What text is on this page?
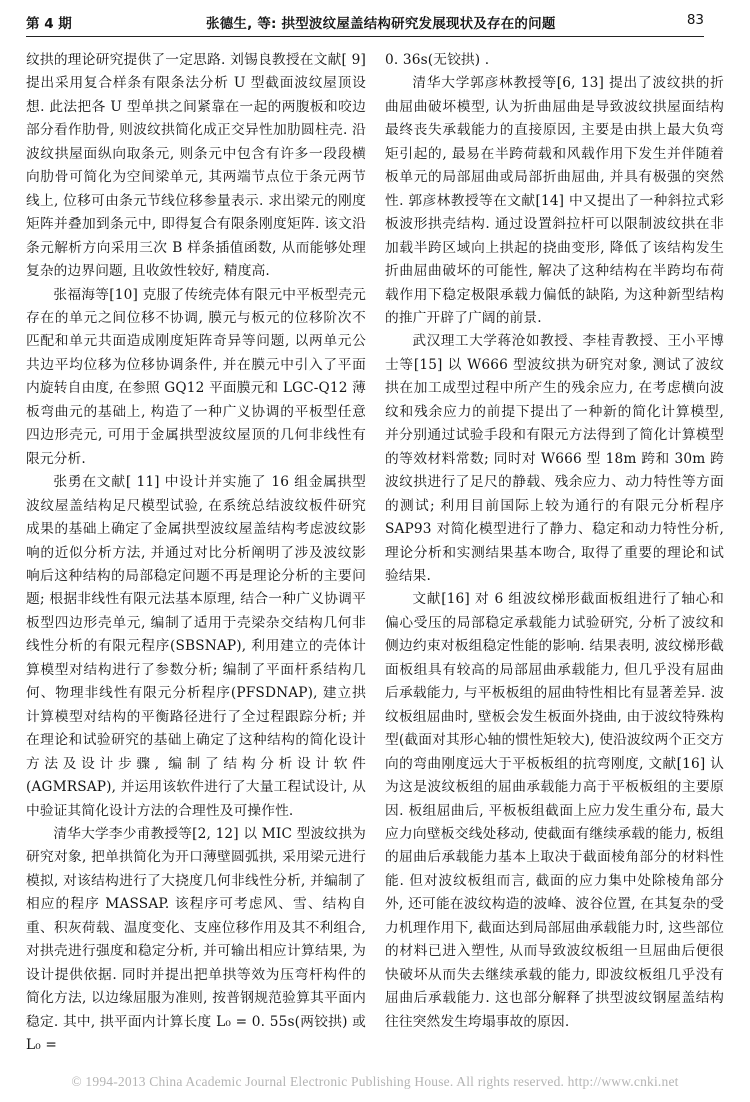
第 4 期	张德生, 等: 拱型波纹屋盖结构研究发展现状及存在的问题	83

纹拱的理论研究提供了一定思路. 刘锡良教授在文献[ 9] 提出采用复合样条有限条法分析 U 型截面波纹屋顶设想. 此法把各 U 型单拱之间紧靠在一起的两腹板和咬边部分看作肋骨, 则波纹拱简化成正交异性加肋圆柱壳. 沿波纹拱屋面纵向取条元, 则条元中包含有许多一段段横向肋骨可简化为空间梁单元, 其两端节点位于条元两节线上, 位移可由条元节线位移参量表示. 求出梁元的刚度矩阵并叠加到条元中, 即得复合有限条刚度矩阵. 该文沿条元解析方向采用三次 B 样条插值函数, 从而能够处理复杂的边界问题, 且收敛性较好, 精度高.

张福海等[10] 克服了传统壳体有限元中平板型壳元存在的单元之间位移不协调, 膜元与板元的位移阶次不匹配和单元共面造成刚度矩阵奇异等问题, 以两单元公共边平均位移为位移协调条件, 并在膜元中引入了平面内旋转自由度, 在参照 GQ12 平面膜元和 LGC-Q12 薄板弯曲元的基础上, 构造了一种广义协调的平板型任意四边形壳元, 可用于金属拱型波纹屋顶的几何非线性有限元分析.

张勇在文献[ 11] 中设计并实施了 16 组金属拱型波纹屋盖结构足尺模型试验, 在系统总结波纹板件研究成果的基础上确定了金属拱型波纹屋盖结构考虑波纹影响的近似分析方法, 并通过对比分析阐明了涉及波纹影响后这种结构的局部稳定问题不再是理论分析的主要问题; 根据非线性有限元法基本原理, 结合一种广义协调平板型四边形壳单元, 编制了适用于壳梁杂交结构几何非线性分析的有限元程序(SBSNAP), 利用建立的壳体计算模型对结构进行了参数分析; 编制了平面杆系结构几何、物理非线性有限元分析程序(PFSDNAP), 建立拱计算模型对结构的平衡路径进行了全过程跟踪分析; 并在理论和试验研究的基础上确定了这种结构的简化设计方法及设计步骤, 编制了结构分析设计软件(AGMRSAP), 并运用该软件进行了大量工程试设计, 从中验证其简化设计方法的合理性及可操作性.

清华大学李少甫教授等[2, 12] 以 MIC 型波纹拱为研究对象, 把单拱简化为开口薄壁圆弧拱, 采用梁元进行模拟, 对该结构进行了大挠度几何非线性分析, 并编制了相应的程序 MASSAP. 该程序可考虑风、雪、结构自重、积灰荷载、温度变化、支座位移作用及其不利组合, 对拱壳进行强度和稳定分析, 并可输出相应计算结果, 为设计提供依据. 同时并提出把单拱等效为压弯杆构件的简化方法, 以边缘屈服为准则, 按普钢规范验算其平面内稳定. 其中, 拱平面内计算长度 L₀ = 0. 55s(两铰拱) 或 L₀ =

0. 36s(无铰拱) .

清华大学郭彦林教授等[6, 13] 提出了波纹拱的折曲屈曲破坏模型, 认为折曲屈曲是导致波纹拱屋面结构最终丧失承载能力的直接原因, 主要是由拱上最大负弯矩引起的, 最易在半跨荷载和风载作用下发生并伴随着板单元的局部屈曲或局部折曲屈曲, 并具有极强的突然性. 郭彦林教授等在文献[14] 中又提出了一种斜拉式彩板波形拱壳结构. 通过设置斜拉杆可以限制波纹拱在非加载半跨区域向上拱起的挠曲变形, 降低了该结构发生折曲屈曲破坏的可能性, 解决了这种结构在半跨均布荷载作用下稳定极限承载力偏低的缺陷, 为这种新型结构的推广开辟了广阔的前景.

武汉理工大学蒋沧如教授、李桂青教授、王小平博士等[15] 以 W666 型波纹拱为研究对象, 测试了波纹拱在加工成型过程中所产生的残余应力, 在考虑横向波纹和残余应力的前提下提出了一种新的简化计算模型, 并分别通过试验手段和有限元方法得到了简化计算模型的等效材料常数; 同时对 W666 型 18m 跨和 30m 跨波纹拱进行了足尺的静载、残余应力、动力特性等方面的测试; 利用目前国际上较为通行的有限元分析程序 SAP93 对简化模型进行了静力、稳定和动力特性分析, 理论分析和实测结果基本吻合, 取得了重要的理论和试验结果.

文献[16] 对 6 组波纹梯形截面板组进行了轴心和偏心受压的局部稳定承载能力试验研究, 分析了波纹和侧边约束对板组稳定性能的影响. 结果表明, 波纹梯形截面板组具有较高的局部屈曲承载能力, 但几乎没有屈曲后承载能力, 与平板板组的屈曲特性相比有显著差异. 波纹板组屈曲时, 壁板会发生板面外挠曲, 由于波纹特殊构型(截面对其形心轴的惯性矩较大), 使沿波纹两个正交方向的弯曲刚度远大于平板板组的抗弯刚度, 文献[16] 认为这是波纹板组的屈曲承载能力高于平板板组的主要原因. 板组屈曲后, 平板板组截面上应力发生重分布, 最大应力向壁板交线处移动, 使截面有继续承载的能力, 板组的屈曲后承载能力基本上取决于截面棱角部分的材料性能. 但对波纹板组而言, 截面的应力集中处除棱角部分外, 还可能在波纹构造的波峰、波谷位置, 在其复杂的受力机理作用下, 截面达到局部屈曲承载能力时, 这些部位的材料已进入塑性, 从而导致波纹板组一旦屈曲后便很快破坏从而失去继续承载的能力, 即波纹板组几乎没有屈曲后承载能力. 这也部分解释了拱型波纹钢屋盖结构往往突然发生垮塌事故的原因.

© 1994-2013 China Academic Journal Electronic Publishing House. All rights reserved. http://www.cnki.net
